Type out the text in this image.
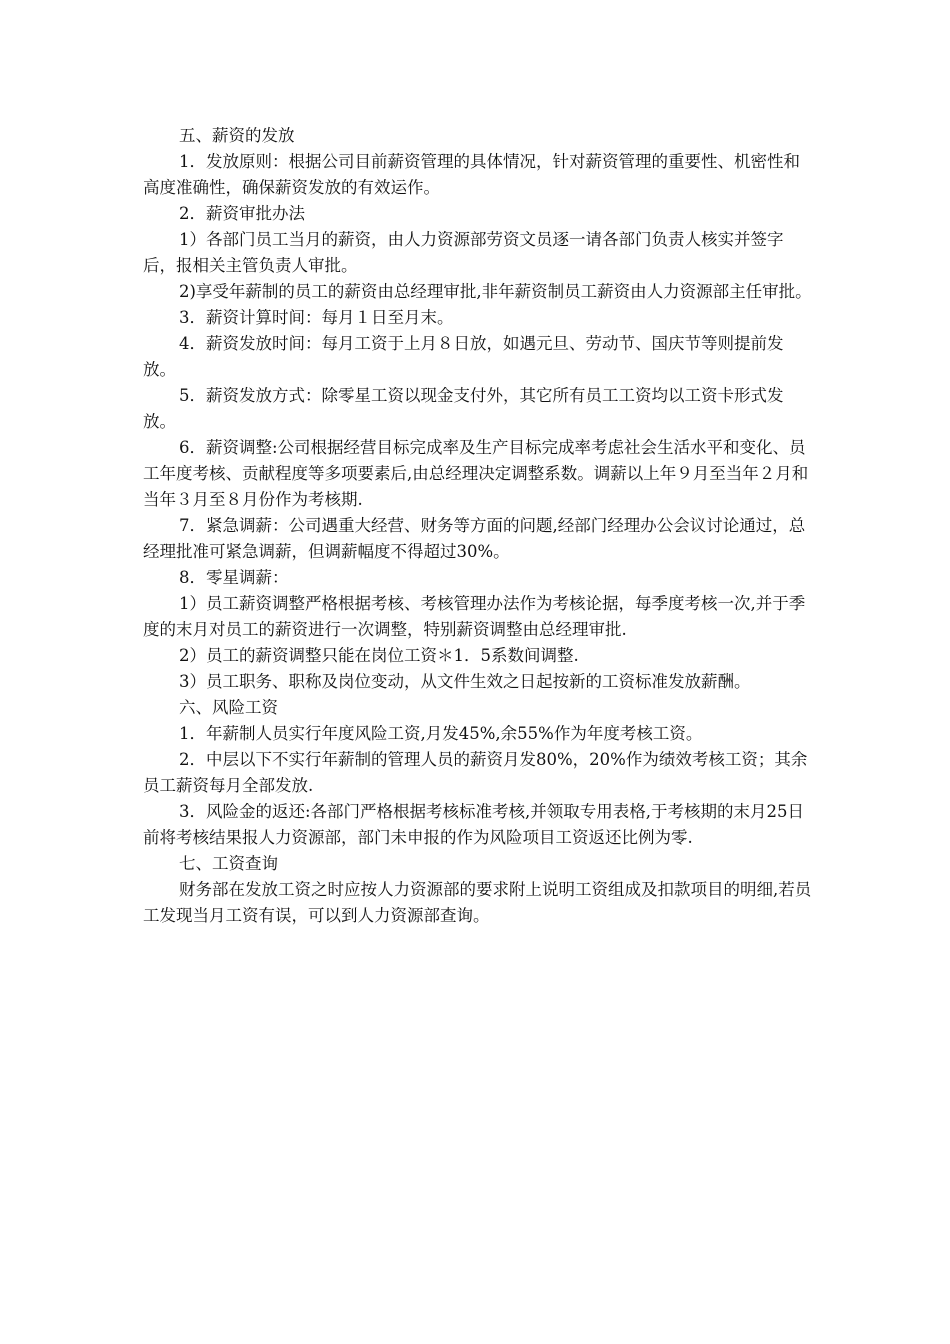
五、薪资的发放

1．发放原则：根据公司目前薪资管理的具体情况，针对薪资管理的重要性、机密性和高度准确性，确保薪资发放的有效运作。

2．薪资审批办法

1）各部门员工当月的薪资，由人力资源部劳资文员逐一请各部门负责人核实并签字后，报相关主管负责人审批。

2)享受年薪制的员工的薪资由总经理审批,非年薪资制员工薪资由人力资源部主任审批。

3．薪资计算时间：每月１日至月末。

4．薪资发放时间：每月工资于上月８日放，如遇元旦、劳动节、国庆节等则提前发放。

5．薪资发放方式：除零星工资以现金支付外，其它所有员工工资均以工资卡形式发放。

6．薪资调整:公司根据经营目标完成率及生产目标完成率考虑社会生活水平和变化、员工年度考核、贡献程度等多项要素后,由总经理决定调整系数。调薪以上年９月至当年２月和当年３月至８月份作为考核期.

7．紧急调薪：公司遇重大经营、财务等方面的问题,经部门经理办公会议讨论通过，总经理批准可紧急调薪，但调薪幅度不得超过30%。

8．零星调薪：

1）员工薪资调整严格根据考核、考核管理办法作为考核论据，每季度考核一次,并于季度的末月对员工的薪资进行一次调整，特别薪资调整由总经理审批.

2）员工的薪资调整只能在岗位工资＊1．5系数间调整.

3）员工职务、职称及岗位变动，从文件生效之日起按新的工资标准发放薪酬。

六、风险工资

1．年薪制人员实行年度风险工资,月发45%,余55%作为年度考核工资。

2．中层以下不实行年薪制的管理人员的薪资月发80%，20%作为绩效考核工资；其余员工薪资每月全部发放.

3．风险金的返还:各部门严格根据考核标准考核,并领取专用表格,于考核期的末月25日前将考核结果报人力资源部，部门未申报的作为风险项目工资返还比例为零.

七、工资查询

财务部在发放工资之时应按人力资源部的要求附上说明工资组成及扣款项目的明细,若员工发现当月工资有误，可以到人力资源部查询。
